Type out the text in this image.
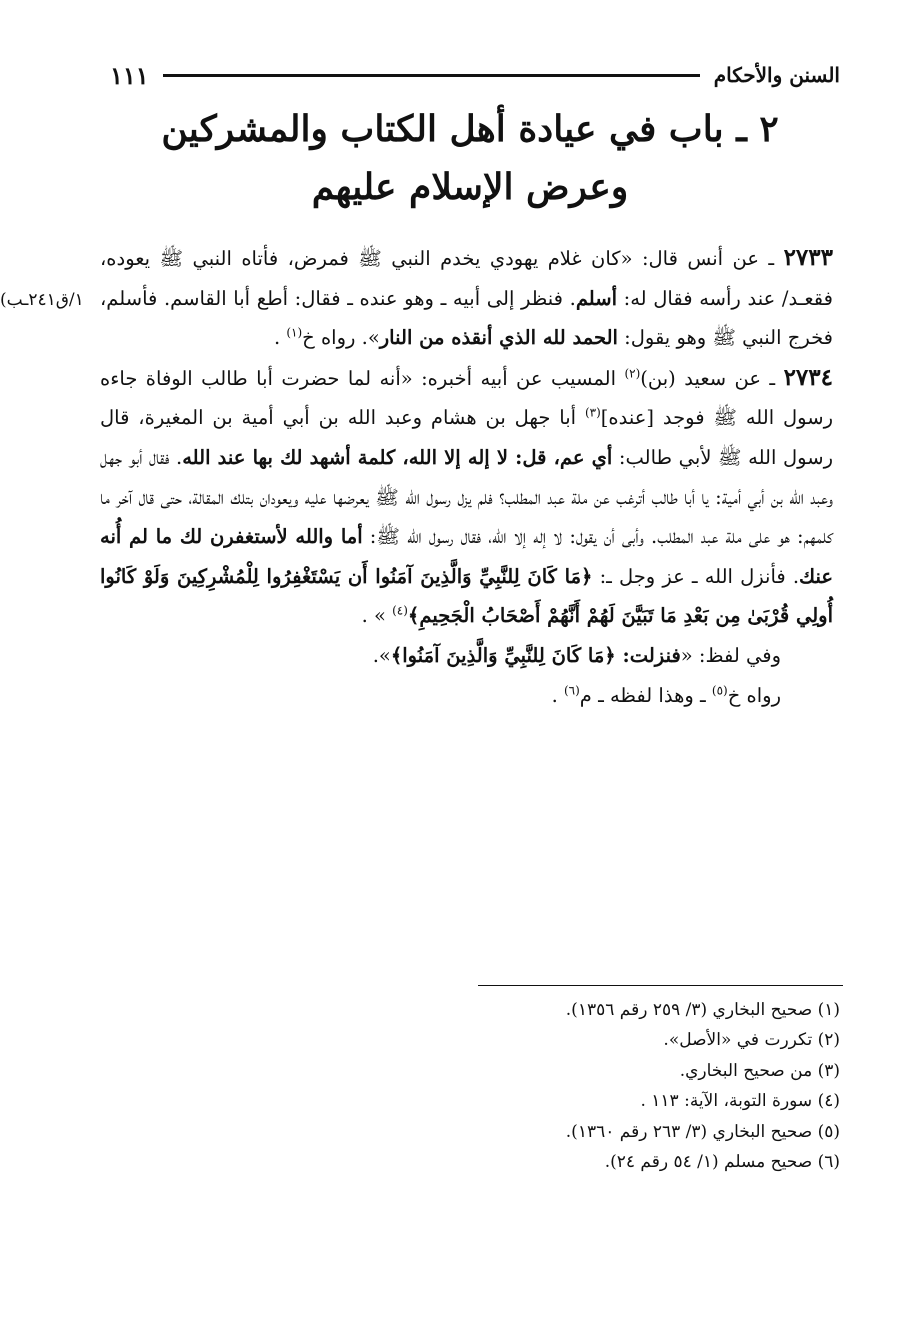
السنن والأحكام
١١١
٢ ـ باب في عيادة أهل الكتاب والمشركين
وعرض الإسلام عليهم
(١/ق٢٤١ـب

٢٧٣٣ ـ عن أنس قال: «كان غلام يهودي يخدم النبي ﷺ فمرض، فأتاه النبي ﷺ يعوده، فقعـد/ عند رأسه فقال له: أسلم. فنظر إلى أبيه ـ وهو عنده ـ فقال: أطع أبا القاسم. فأسلم، فخرج النبي ﷺ وهو يقول: الحمد لله الذي أنقذه من النار». رواه خ$^{(١)}$ .

٢٧٣٤ ـ عن سعيد (بن)$^{(٢)}$ المسيب عن أبيه أخبره: «أنه لما حضرت أبا طالب الوفاة جاءه رسول الله ﷺ فوجد [عنده]$^{(٣)}$ أبا جهل بن هشام وعبد الله بن أبي أمية بن المغيرة، قال رسول الله ﷺ لأبي طالب: أي عم، قل: لا إله إلا الله، كلمة أشهد لك بها عند الله. فقال أبو جهل وعبد الله بن أبي أمية: يا أبا طالب أترغب عن ملة عبد المطلب؟ فلم يزل رسول الله ﷺ يعرضها عليه ويعودان بتلك المقالة، حتى قال آخر ما كلمهم: هو على ملة عبد المطلب. وأبى أن يقول: لا إله إلا الله، فقال رسول الله ﷺ: أما والله لأستغفرن لك ما لم أُنه عنك. فأنزل الله ـ عز وجل ـ: ﴿مَا كَانَ لِلنَّبِيِّ وَالَّذِينَ آمَنُوا أَن يَسْتَغْفِرُوا لِلْمُشْرِكِينَ وَلَوْ كَانُوا أُولِي قُرْبَىٰ مِن بَعْدِ مَا تَبَيَّنَ لَهُمْ أَنَّهُمْ أَصْحَابُ الْجَحِيمِ﴾$^{(٤)}$ » .

وفي لفظ: «فنزلت: ﴿مَا كَانَ لِلنَّبِيِّ وَالَّذِينَ آمَنُوا﴾».

رواه خ$^{(٥)}$ ـ وهذا لفظه ـ م$^{(٦)}$ .

(١) صحيح البخاري (٣/ ٢٥٩ رقم ١٣٥٦).
(٢) تكررت في «الأصل».
(٣) من صحيح البخاري.
(٤) سورة التوبة، الآية: ١١٣ .
(٥) صحيح البخاري (٣/ ٢٦٣ رقم ١٣٦٠).
(٦) صحيح مسلم (١/ ٥٤ رقم ٢٤).
